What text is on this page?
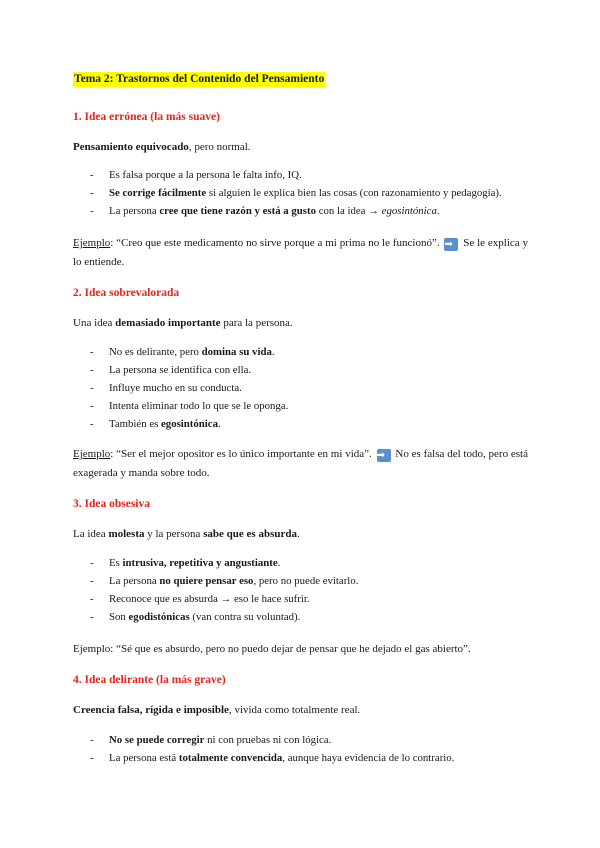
Tema 2: Trastornos del Contenido del Pensamiento
1. Idea errónea (la más suave)
Pensamiento equivocado, pero normal.
- Es falsa porque a la persona le falta info, IQ.
- Se corrige fácilmente si alguien le explica bien las cosas (con razonamiento y pedagogía).
- La persona cree que tiene razón y está a gusto con la idea → egosintónica.
Ejemplo: “Creo que este medicamento no sirve porque a mi prima no le funcionó”. ➡ Se le explica y lo entiende.
2. Idea sobrevalorada
Una idea demasiado importante para la persona.
- No es delirante, pero domina su vida.
- La persona se identifica con ella.
- Influye mucho en su conducta.
- Intenta eliminar todo lo que se le oponga.
- También es egosintónica.
Ejemplo: “Ser el mejor opositor es lo único importante en mi vida”. ➡ No es falsa del todo, pero está exagerada y manda sobre todo.
3. Idea obsesiva
La idea molesta y la persona sabe que es absurda.
- Es intrusiva, repetitiva y angustiante.
- La persona no quiere pensar eso, pero no puede evitarlo.
- Reconoce que es absurda → eso le hace sufrir.
- Son egodistónicas (van contra su voluntad).
Ejemplo: “Sé que es absurdo, pero no puedo dejar de pensar que he dejado el gas abierto”.
4. Idea delirante (la más grave)
Creencia falsa, rígida e imposible, vivida como totalmente real.
- No se puede corregir ni con pruebas ni con lógica.
- La persona está totalmente convencida, aunque haya evidencia de lo contrario.
